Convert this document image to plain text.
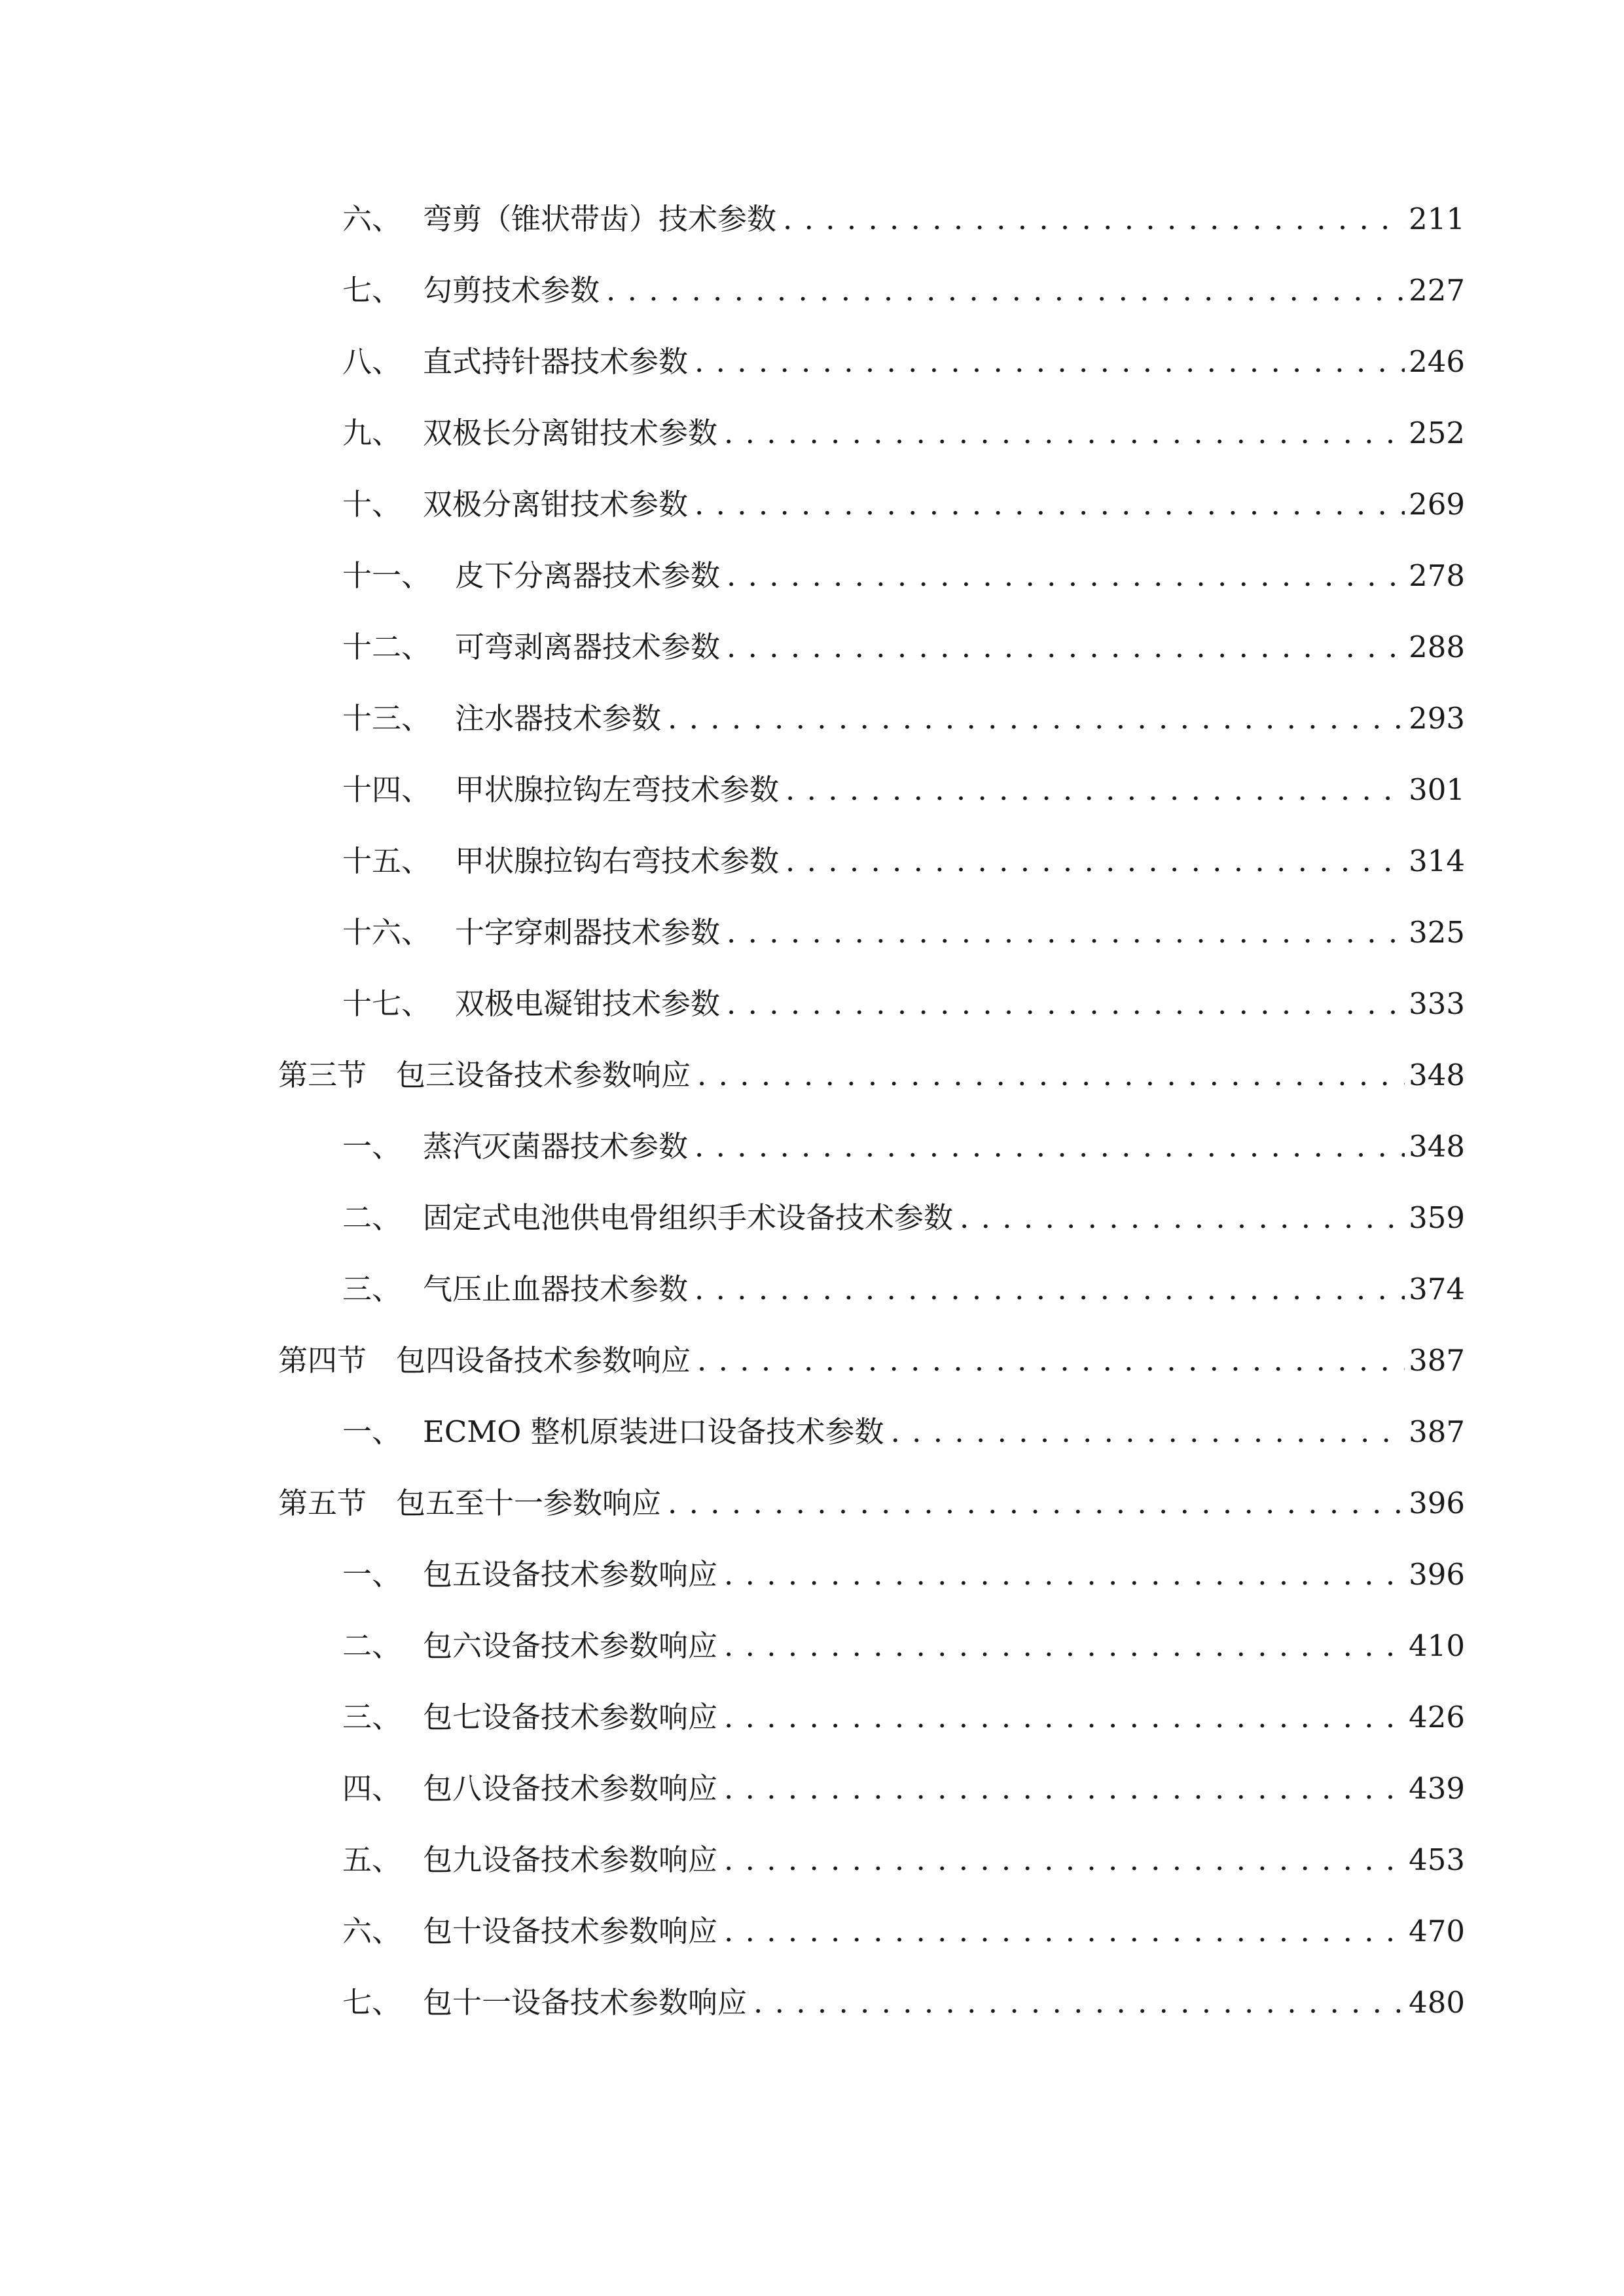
六、 弯剪（锥状带齿）技术参数 . . .	211
七、 勾剪技术参数 . . .	227
八、 直式持针器技术参数 . . .	246
九、 双极长分离钳技术参数 . . .	252
十、 双极分离钳技术参数 . . .	269
十一、 皮下分离器技术参数 . . .	278
十二、 可弯剥离器技术参数 . . .	288
十三、 注水器技术参数 . . .	293
十四、 甲状腺拉钩左弯技术参数 . . .	301
十五、 甲状腺拉钩右弯技术参数 . . .	314
十六、 十字穿刺器技术参数 . . .	325
十七、 双极电凝钳技术参数 . . .	333
第三节 包三设备技术参数响应 . . .	348
一、 蒸汽灭菌器技术参数 . . .	348
二、 固定式电池供电骨组织手术设备技术参数 . . .	359
三、 气压止血器技术参数 . . .	374
第四节 包四设备技术参数响应 . . .	387
一、 ECMO 整机原装进口设备技术参数 . . .	387
第五节 包五至十一参数响应 . . .	396
一、 包五设备技术参数响应 . . .	396
二、 包六设备技术参数响应 . . .	410
三、 包七设备技术参数响应 . . .	426
四、 包八设备技术参数响应 . . .	439
五、 包九设备技术参数响应 . . .	453
六、 包十设备技术参数响应 . . .	470
七、 包十一设备技术参数响应 . . .	480
